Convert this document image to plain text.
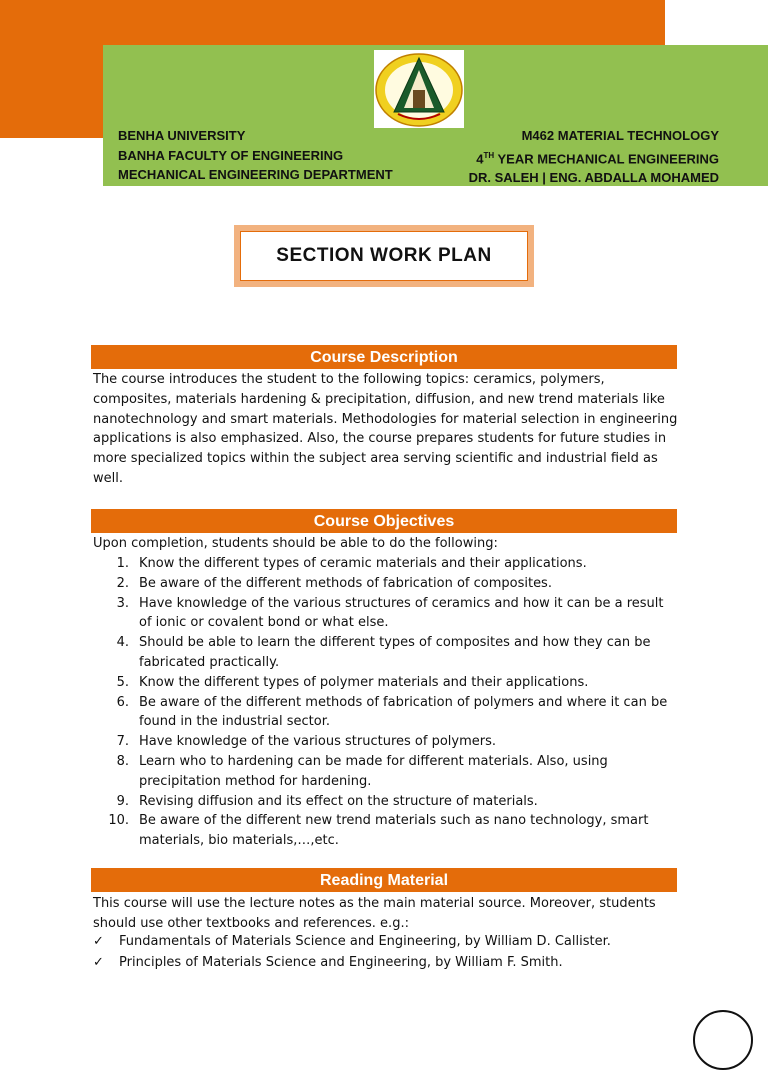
BENHA UNIVERSITY
BANHA FACULTY OF ENGINEERING
MECHANICAL ENGINEERING DEPARTMENT
M462 MATERIAL TECHNOLOGY
4TH YEAR MECHANICAL ENGINEERING
DR. SALEH | ENG. ABDALLA MOHAMED
SECTION WORK PLAN
Course Description
The course introduces the student to the following topics: ceramics, polymers, composites, materials hardening & precipitation, diffusion, and new trend materials like nanotechnology and smart materials. Methodologies for material selection in engineering applications is also emphasized. Also, the course prepares students for future studies in more specialized topics within the subject area serving scientific and industrial field as well.
Course Objectives
Upon completion, students should be able to do the following:
1. Know the different types of ceramic materials and their applications.
2. Be aware of the different methods of fabrication of composites.
3. Have knowledge of the various structures of ceramics and how it can be a result of ionic or covalent bond or what else.
4. Should be able to learn the different types of composites and how they can be fabricated practically.
5. Know the different types of polymer materials and their applications.
6. Be aware of the different methods of fabrication of polymers and where it can be found in the industrial sector.
7. Have knowledge of the various structures of polymers.
8. Learn who to hardening can be made for different materials. Also, using precipitation method for hardening.
9. Revising diffusion and its effect on the structure of materials.
10. Be aware of the different new trend materials such as nano technology, smart materials, bio materials,…,etc.
Reading Material
This course will use the lecture notes as the main material source. Moreover, students should use other textbooks and references. e.g.:
✓ Fundamentals of Materials Science and Engineering, by William D. Callister.
✓ Principles of Materials Science and Engineering, by William F. Smith.
